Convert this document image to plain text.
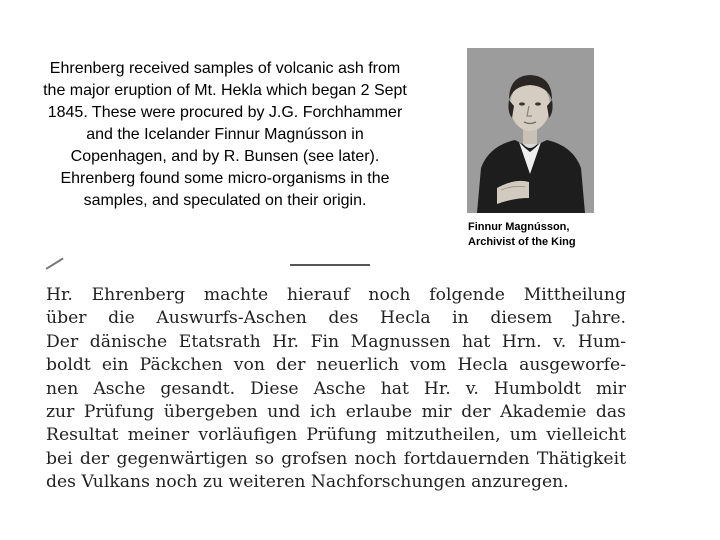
Ehrenberg received samples of volcanic ash from the major eruption of Mt. Hekla which began 2 Sept 1845. These were procured by J.G. Forchhammer and the Icelander Finnur Magnússon in Copenhagen, and by R. Bunsen (see later). Ehrenberg found some micro-organisms in the samples, and speculated on their origin.

Finnur Magnússon,
Archivist of the King

Hr. Ehrenberg machte hierauf noch folgende Mittheilung
über die Auswurfs-Aschen des Hecla in diesem Jahre.
Der dänische Etatsrath Hr. Fin Magnussen hat Hrn. v. Hum-
boldt ein Päckchen von der neuerlich vom Hecla ausgeworfe-
nen Asche gesandt. Diese Asche hat Hr. v. Humboldt mir
zur Prüfung übergeben und ich erlaube mir der Akademie das
Resultat meiner vorläufigen Prüfung mitzutheilen, um vielleicht
bei der gegenwärtigen so grofsen noch fortdauernden Thätigkeit
des Vulkans noch zu weiteren Nachforschungen anzuregen.
